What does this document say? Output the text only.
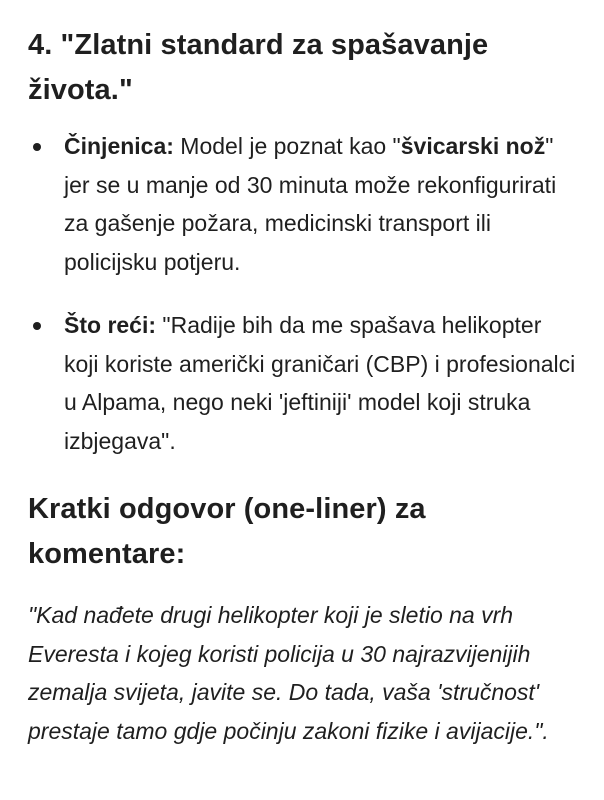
4. "Zlatni standard za spašavanje života."
Činjenica: Model je poznat kao "švicarski nož" jer se u manje od 30 minuta može rekonfigurirati za gašenje požara, medicinski transport ili policijsku potjeru.
Što reći: "Radije bih da me spašava helikopter koji koriste američki graničari (CBP) i profesionalci u Alpama, nego neki 'jeftiniji' model koji struka izbjegava".
Kratki odgovor (one-liner) za komentare:

"Kad nađete drugi helikopter koji je sletio na vrh Everesta i kojeg koristi policija u 30 najrazvijenijih zemalja svijeta, javite se. Do tada, vaša 'stručnost' prestaje tamo gdje počinju zakoni fizike i avijacije.".
